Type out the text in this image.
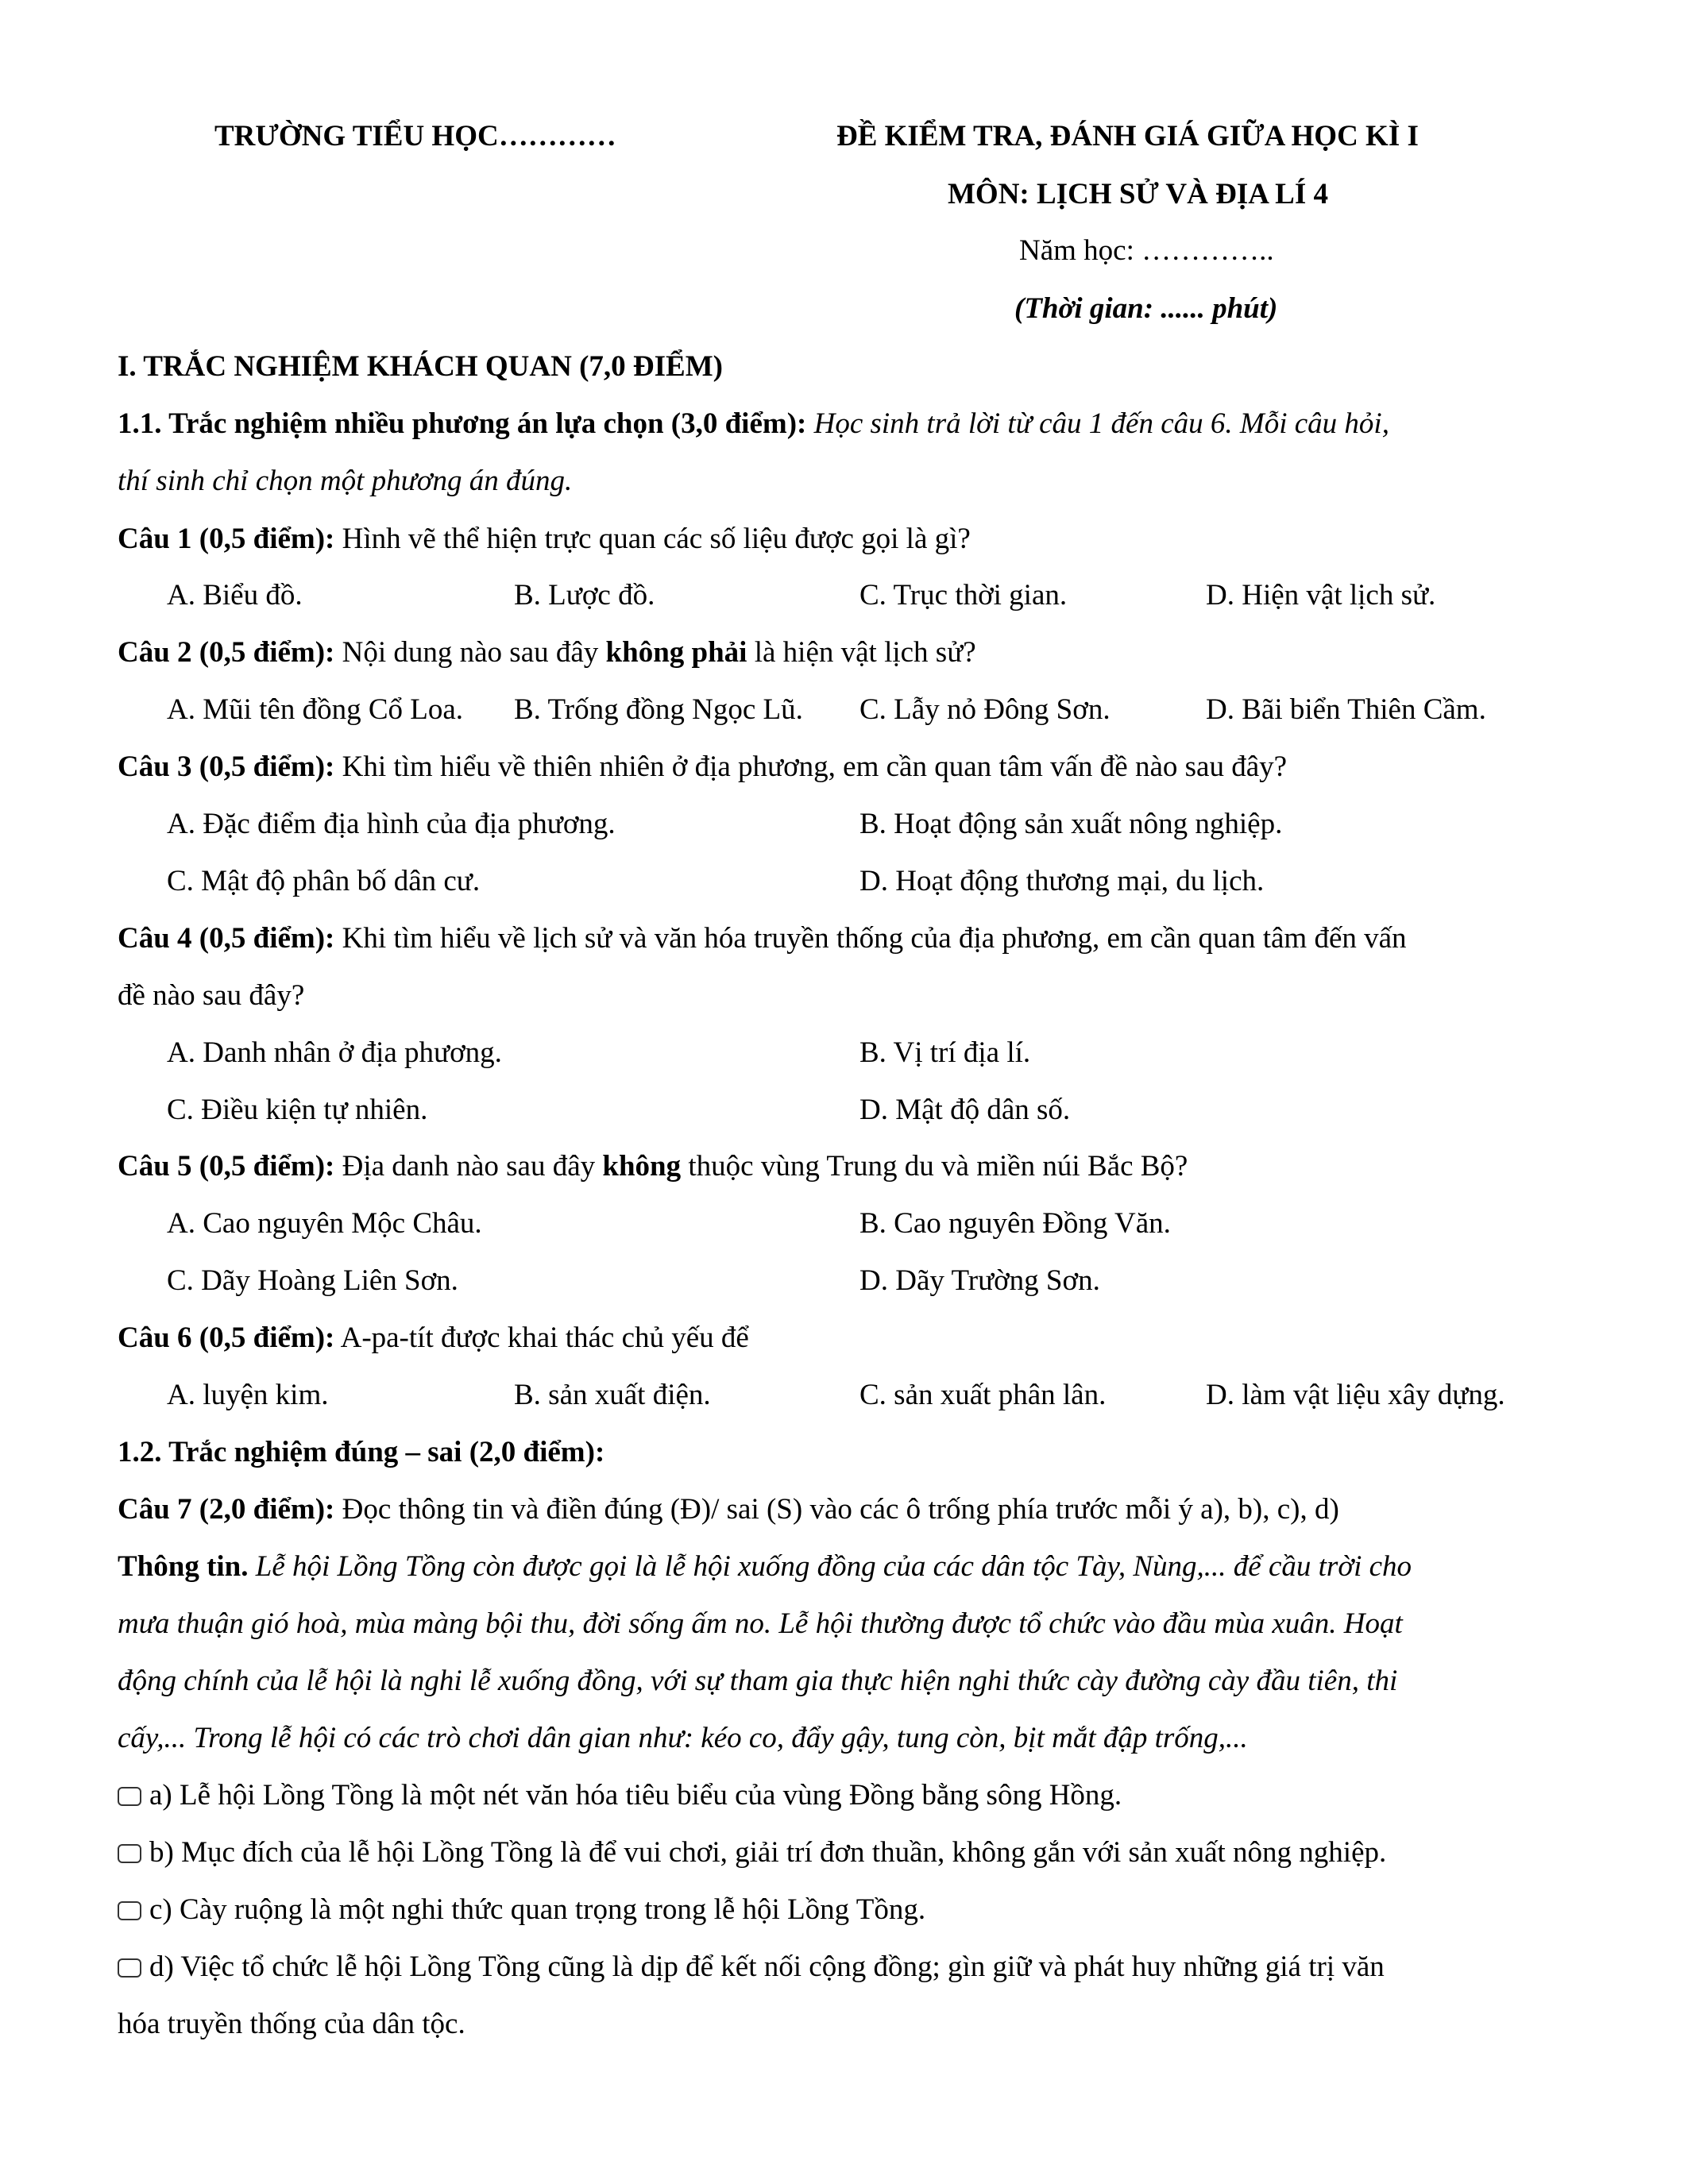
TRƯỜNG TIỂU HỌC…………	ĐỀ KIỂM TRA, ĐÁNH GIÁ GIỮA HỌC KÌ I
MÔN: LỊCH SỬ VÀ ĐỊA LÍ 4
Năm học: …………..
(Thời gian: ...... phút)
I. TRẮC NGHIỆM KHÁCH QUAN (7,0 ĐIỂM)
1.1. Trắc nghiệm nhiều phương án lựa chọn (3,0 điểm): Học sinh trả lời từ câu 1 đến câu 6. Mỗi câu hỏi,
thí sinh chỉ chọn một phương án đúng.
Câu 1 (0,5 điểm): Hình vẽ thể hiện trực quan các số liệu được gọi là gì?
A. Biểu đồ.	B. Lược đồ.	C. Trục thời gian.	D. Hiện vật lịch sử.
Câu 2 (0,5 điểm): Nội dung nào sau đây không phải là hiện vật lịch sử?
A. Mũi tên đồng Cổ Loa. B. Trống đồng Ngọc Lũ. C. Lẫy nỏ Đông Sơn.	D. Bãi biển Thiên Cầm.
Câu 3 (0,5 điểm): Khi tìm hiểu về thiên nhiên ở địa phương, em cần quan tâm vấn đề nào sau đây?
A. Đặc điểm địa hình của địa phương.	B. Hoạt động sản xuất nông nghiệp.
C. Mật độ phân bố dân cư.	D. Hoạt động thương mại, du lịch.
Câu 4 (0,5 điểm): Khi tìm hiểu về lịch sử và văn hóa truyền thống của địa phương, em cần quan tâm đến vấn
đề nào sau đây?
A. Danh nhân ở địa phương.	B. Vị trí địa lí.
C. Điều kiện tự nhiên.	D. Mật độ dân số.
Câu 5 (0,5 điểm): Địa danh nào sau đây không thuộc vùng Trung du và miền núi Bắc Bộ?
A. Cao nguyên Mộc Châu.	B. Cao nguyên Đồng Văn.
C. Dãy Hoàng Liên Sơn.	D. Dãy Trường Sơn.
Câu 6 (0,5 điểm): A-pa-tít được khai thác chủ yếu để
A. luyện kim.	B. sản xuất điện.	C. sản xuất phân lân.	D. làm vật liệu xây dựng.
1.2. Trắc nghiệm đúng – sai (2,0 điểm):
Câu 7 (2,0 điểm): Đọc thông tin và điền đúng (Đ)/ sai (S) vào các ô trống phía trước mỗi ý a), b), c), d)
Thông tin. Lễ hội Lồng Tồng còn được gọi là lễ hội xuống đồng của các dân tộc Tày, Nùng,... để cầu trời cho
mưa thuận gió hoà, mùa màng bội thu, đời sống ấm no. Lễ hội thường được tổ chức vào đầu mùa xuân. Hoạt
động chính của lễ hội là nghi lễ xuống đồng, với sự tham gia thực hiện nghi thức cày đường cày đầu tiên, thi
cấy,... Trong lễ hội có các trò chơi dân gian như: kéo co, đẩy gậy, tung còn, bịt mắt đập trống,...
a) Lễ hội Lồng Tồng là một nét văn hóa tiêu biểu của vùng Đồng bằng sông Hồng.
b) Mục đích của lễ hội Lồng Tồng là để vui chơi, giải trí đơn thuần, không gắn với sản xuất nông nghiệp.
c) Cày ruộng là một nghi thức quan trọng trong lễ hội Lồng Tồng.
d) Việc tổ chức lễ hội Lồng Tồng cũng là dịp để kết nối cộng đồng; gìn giữ và phát huy những giá trị văn
hóa truyền thống của dân tộc.
